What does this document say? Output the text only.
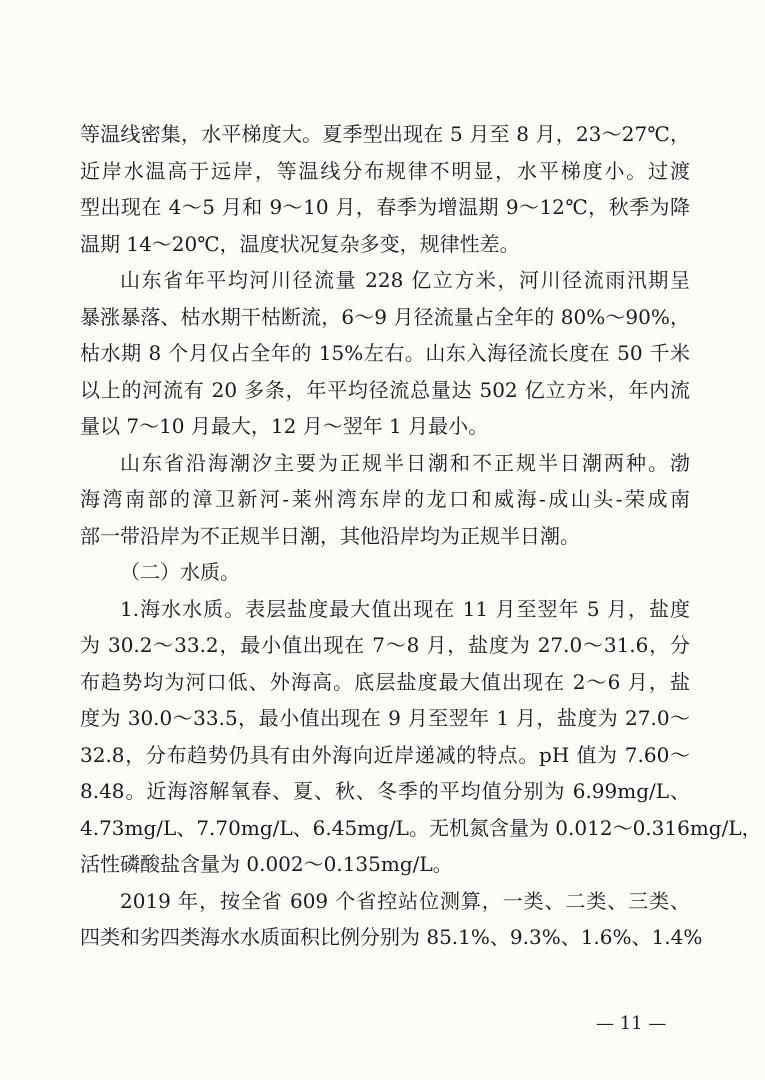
等温线密集，水平梯度大。夏季型出现在 5 月至 8 月，23～27℃，
近岸水温高于远岸，等温线分布规律不明显，水平梯度小。过渡
型出现在 4～5 月和 9～10 月，春季为增温期 9～12℃，秋季为降
温期 14～20℃，温度状况复杂多变，规律性差。
山东省年平均河川径流量 228 亿立方米，河川径流雨汛期呈
暴涨暴落、枯水期干枯断流，6～9 月径流量占全年的 80%～90%，
枯水期 8 个月仅占全年的 15%左右。山东入海径流长度在 50 千米
以上的河流有 20 多条，年平均径流总量达 502 亿立方米，年内流
量以 7～10 月最大，12 月～翌年 1 月最小。
山东省沿海潮汐主要为正规半日潮和不正规半日潮两种。渤
海湾南部的漳卫新河-莱州湾东岸的龙口和威海-成山头-荣成南
部一带沿岸为不正规半日潮，其他沿岸均为正规半日潮。
（二）水质。
1.海水水质。表层盐度最大值出现在 11 月至翌年 5 月，盐度
为 30.2～33.2，最小值出现在 7～8 月，盐度为 27.0～31.6，分
布趋势均为河口低、外海高。底层盐度最大值出现在 2～6 月，盐
度为 30.0～33.5，最小值出现在 9 月至翌年 1 月，盐度为 27.0～
32.8，分布趋势仍具有由外海向近岸递减的特点。pH 值为 7.60～
8.48。近海溶解氧春、夏、秋、冬季的平均值分别为 6.99mg/L、
4.73mg/L、7.70mg/L、6.45mg/L。无机氮含量为 0.012～0.316mg/L，
活性磷酸盐含量为 0.002～0.135mg/L。
2019 年，按全省 609 个省控站位测算，一类、二类、三类、
四类和劣四类海水水质面积比例分别为 85.1%、9.3%、1.6%、1.4%
— 11 —
